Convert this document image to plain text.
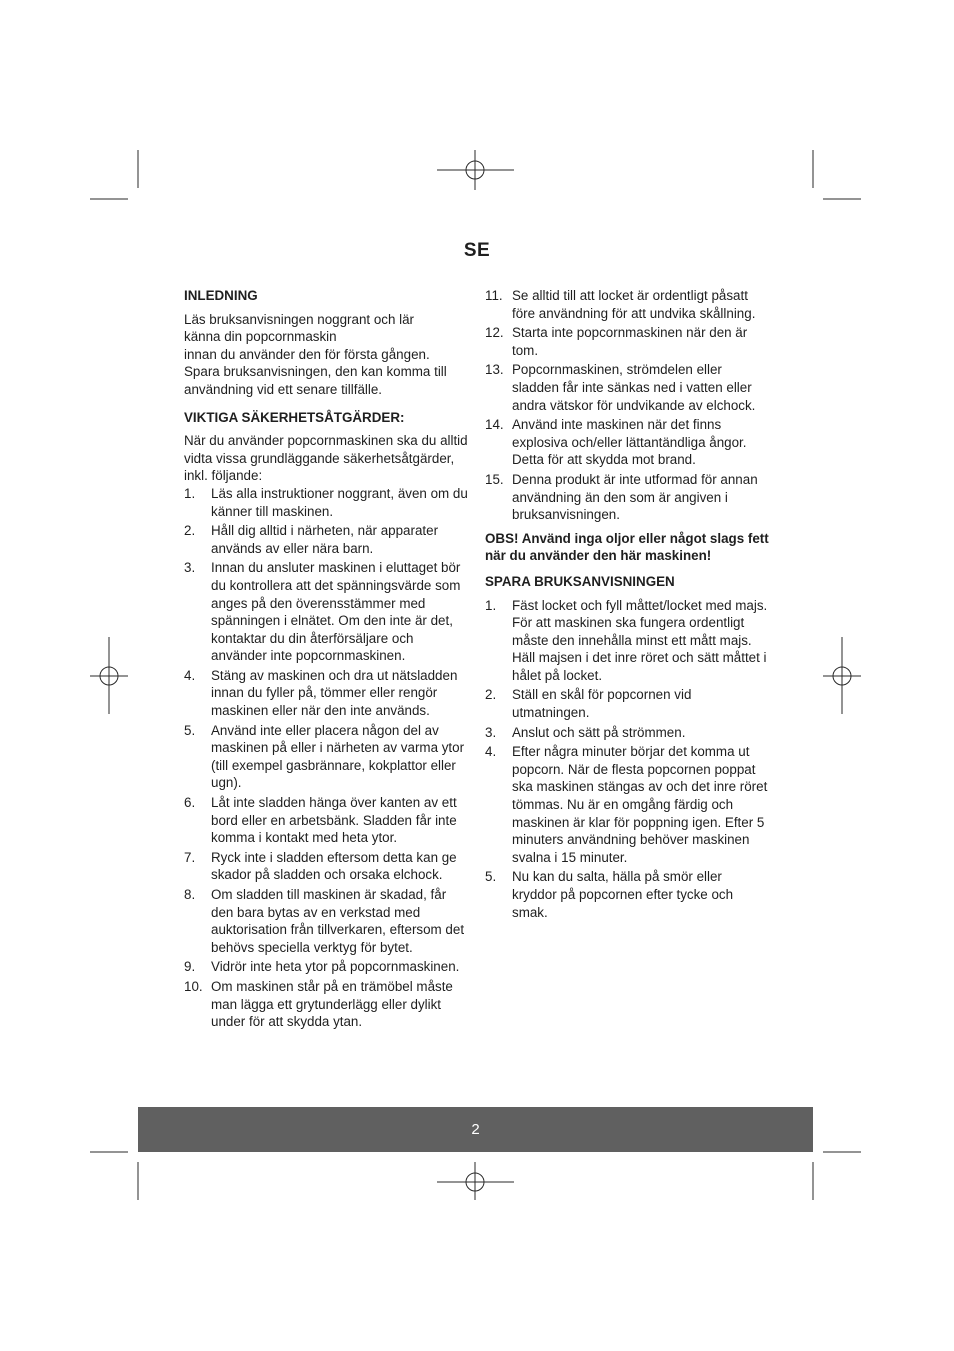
SE
INLEDNING
Läs bruksanvisningen noggrant och lär
känna din popcornmaskin
innan du använder den för första gången.
Spara bruksanvisningen, den kan komma till
användning vid ett senare tillfälle.
VIKTIGA SÄKERHETSÅTGÄRDER:
När du använder popcornmaskinen ska du alltid vidta vissa grundläggande säkerhetsåtgärder, inkl. följande:
1.	Läs alla instruktioner noggrant, även om du känner till maskinen.
2.	Håll dig alltid i närheten, när apparater används av eller nära barn.
3.	Innan du ansluter maskinen i eluttaget bör du kontrollera att det spänningsvärde som anges på den överensstämmer med spänningen i elnätet. Om den inte är det, kontaktar du din återförsäljare och använder inte popcornmaskinen.
4.	Stäng av maskinen och dra ut nätsladden innan du fyller på, tömmer eller rengör maskinen eller när den inte används.
5.	Använd inte eller placera någon del av maskinen på eller i närheten av varma ytor (till exempel gasbrännare, kokplattor eller ugn).
6.	Låt inte sladden hänga över kanten av ett bord eller en arbetsbänk. Sladden får inte komma i kontakt med heta ytor.
7.	Ryck inte i sladden eftersom detta kan ge skador på sladden och orsaka elchock.
8.	Om sladden till maskinen är skadad, får den bara bytas av en verkstad med auktorisation från tillverkaren, eftersom det behövs speciella verktyg för bytet.
9.	Vidrör inte heta ytor på popcornmaskinen.
10. Om maskinen står på en trämöbel måste man lägga ett grytunderlägg eller dylikt under för att skydda ytan.
11. Se alltid till att locket är ordentligt påsatt före användning för att undvika skållning.
12. Starta inte popcornmaskinen när den är tom.
13. Popcornmaskinen, strömdelen eller sladden får inte sänkas ned i vatten eller andra vätskor för undvikande av elchock.
14. Använd inte maskinen när det finns explosiva och/eller lättantändliga ångor. Detta för att skydda mot brand.
15. Denna produkt är inte utformad för annan användning än den som är angiven i bruksanvisningen.
OBS! Använd inga oljor eller något slags fett när du använder den här maskinen!
SPARA BRUKSANVISNINGEN
1.	Fäst locket och fyll måttet/locket med majs. För att maskinen ska fungera ordentligt måste den innehålla minst ett mått majs. Häll majsen i det inre röret och sätt måttet i hålet på locket.
2.	Ställ en skål för popcornen vid utmatningen.
3.	Anslut och sätt på strömmen.
4.	Efter några minuter börjar det komma ut popcorn. När de flesta popcornen poppat ska maskinen stängas av och det inre röret tömmas. Nu är en omgång färdig och maskinen är klar för poppning igen. Efter 5 minuters användning behöver maskinen svalna i 15 minuter.
5.	Nu kan du salta, hälla på smör eller kryddor på popcornen efter tycke och smak.
2
